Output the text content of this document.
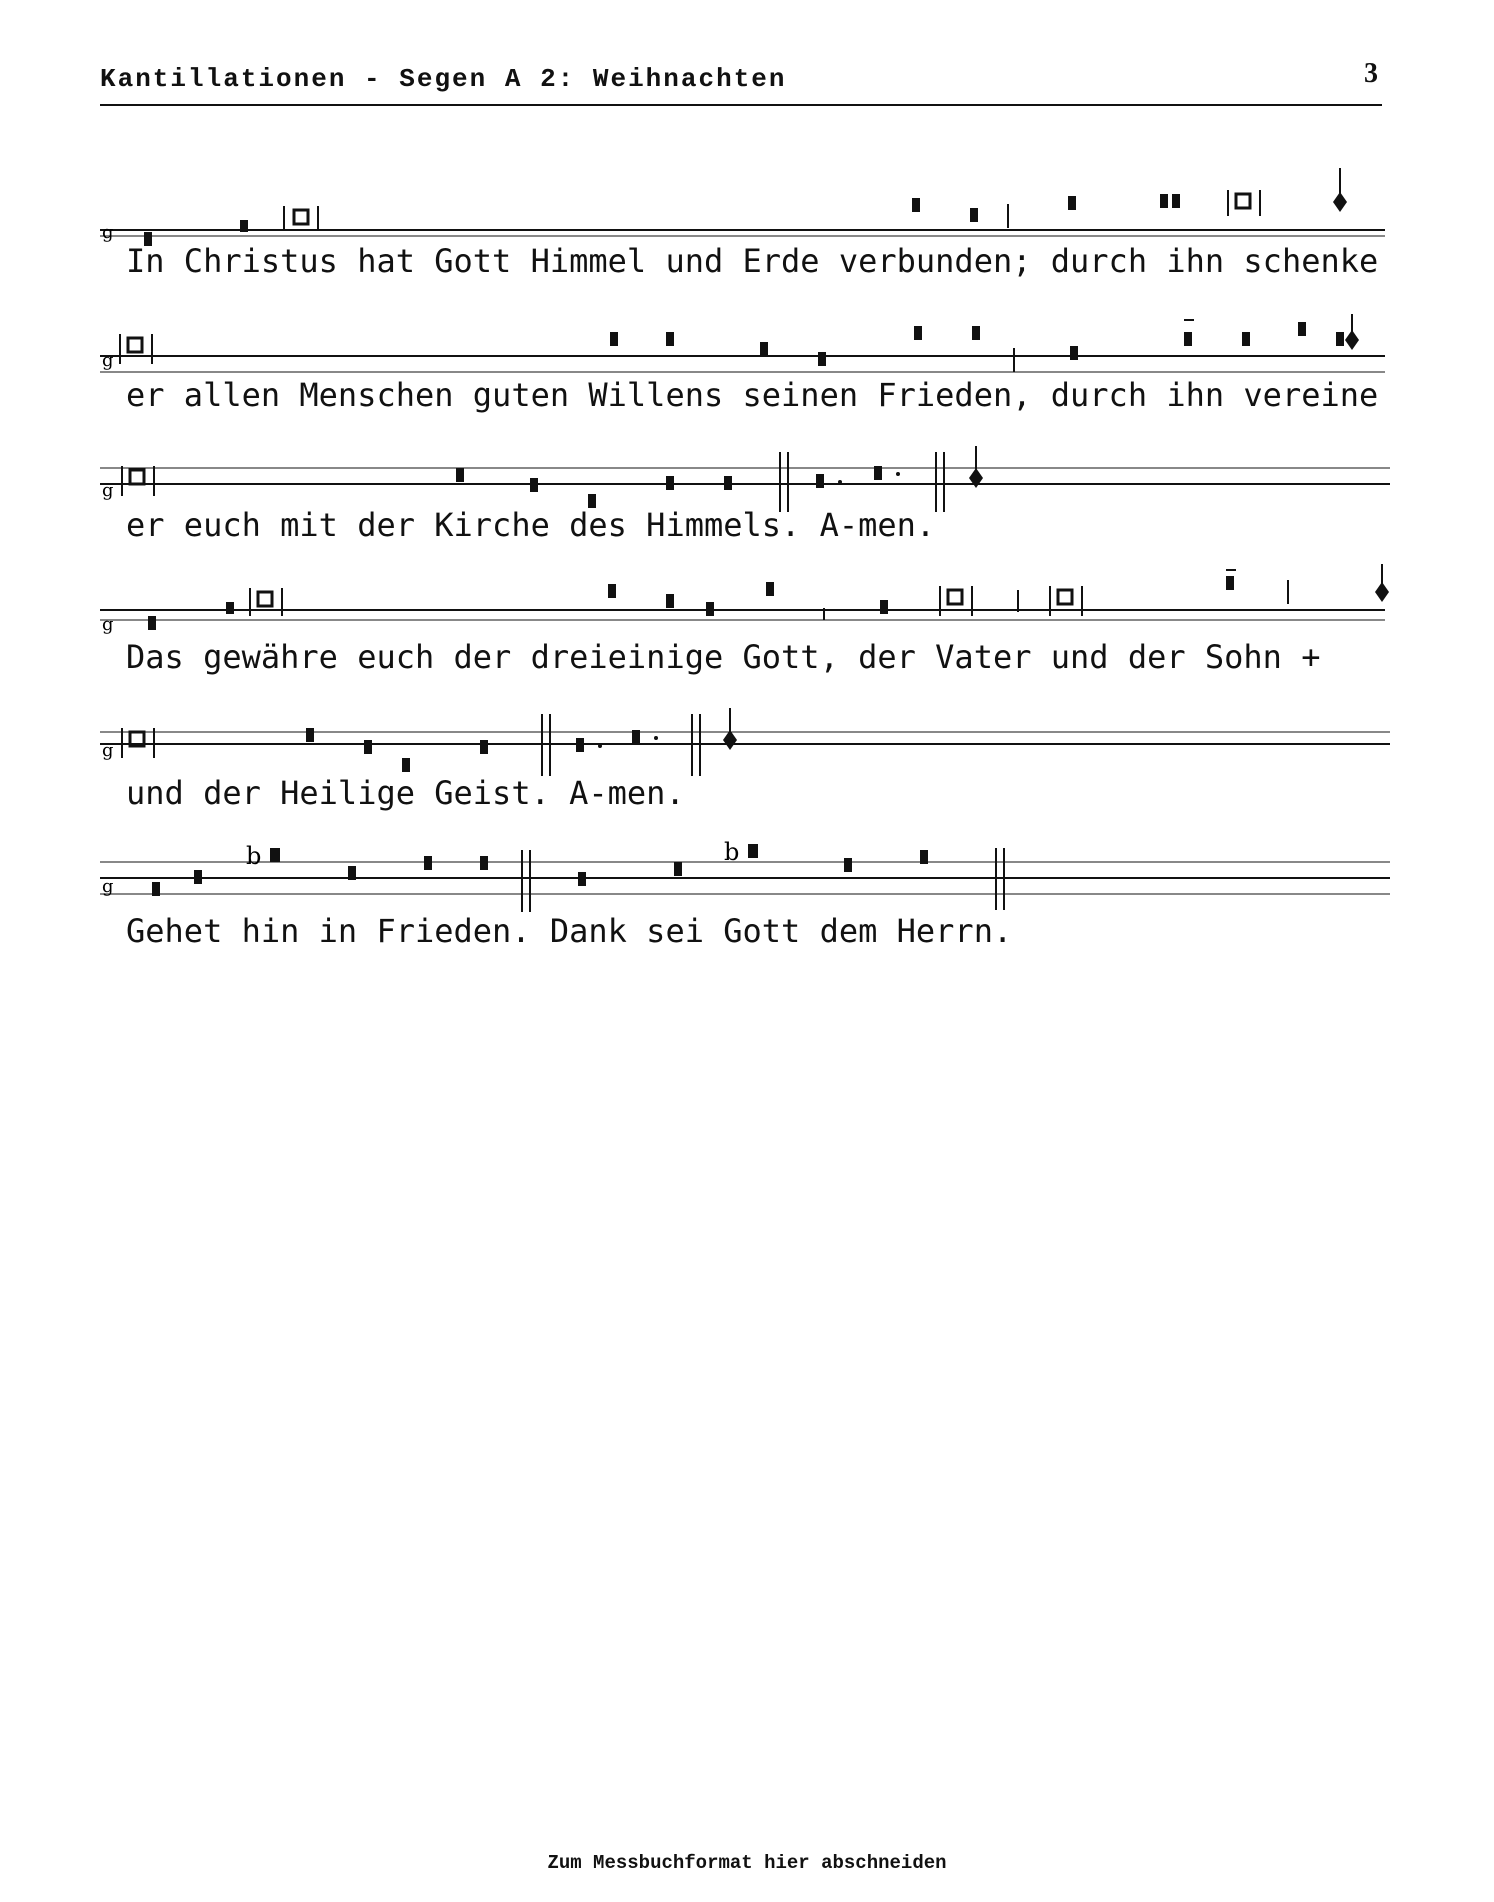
Kantillationen - Segen A 2: Weihnachten	3
g
In Christus hat Gott Himmel und Erde verbunden; durch ihn schenke
g
er allen Menschen guten Willens seinen Frieden, durch ihn vereine
g
er euch mit der Kirche des Himmels. A-men.
g
Das gewähre euch der dreieinige Gott, der Vater und der Sohn +
g
und der Heilige Geist. A-men.
g
b	b
Gehet hin in Frieden. Dank sei Gott dem Herrn.
Zum Messbuchformat hier abschneiden
